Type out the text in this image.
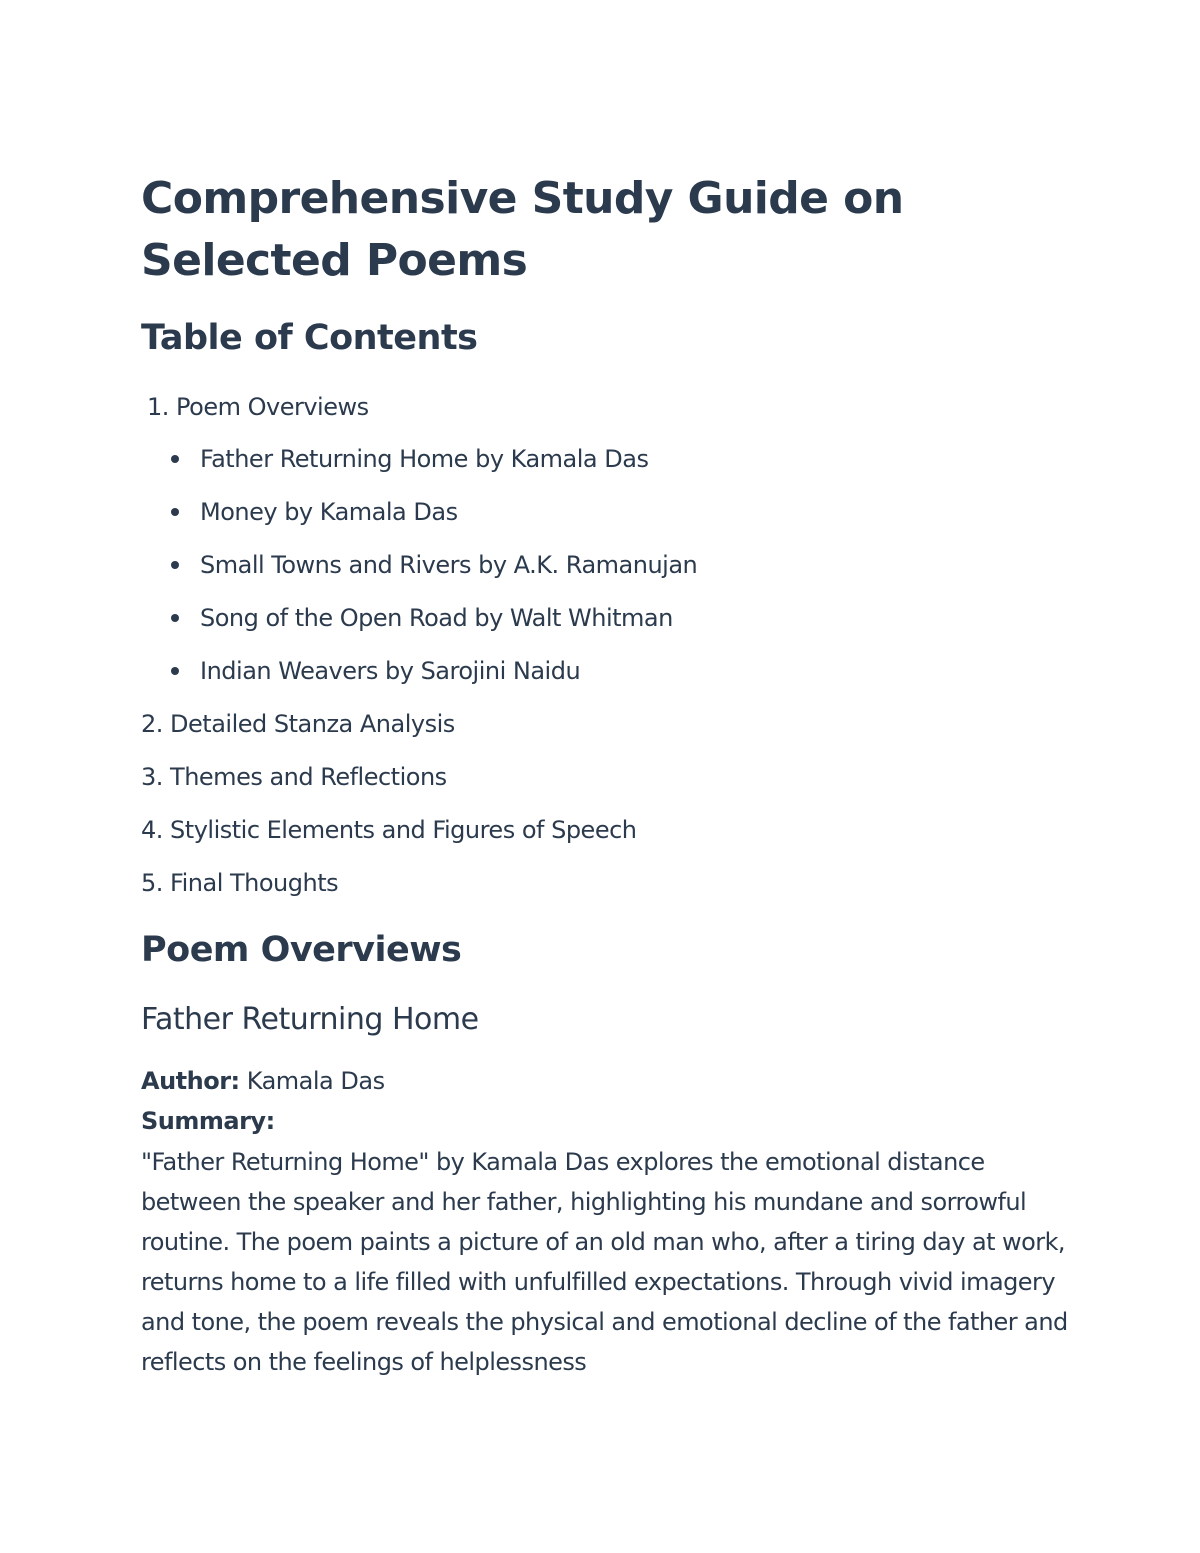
Comprehensive Study Guide on Selected Poems
Table of Contents
1. Poem Overviews
Father Returning Home by Kamala Das
Money by Kamala Das
Small Towns and Rivers by A.K. Ramanujan
Song of the Open Road by Walt Whitman
Indian Weavers by Sarojini Naidu
2. Detailed Stanza Analysis
3. Themes and Reflections
4. Stylistic Elements and Figures of Speech
5. Final Thoughts
Poem Overviews
Father Returning Home
Author: Kamala Das
Summary:

"Father Returning Home" by Kamala Das explores the emotional distance between the speaker and her father, highlighting his mundane and sorrowful routine. The poem paints a picture of an old man who, after a tiring day at work, returns home to a life filled with unfulfilled expectations. Through vivid imagery and tone, the poem reveals the physical and emotional decline of the father and reflects on the feelings of helplessness
